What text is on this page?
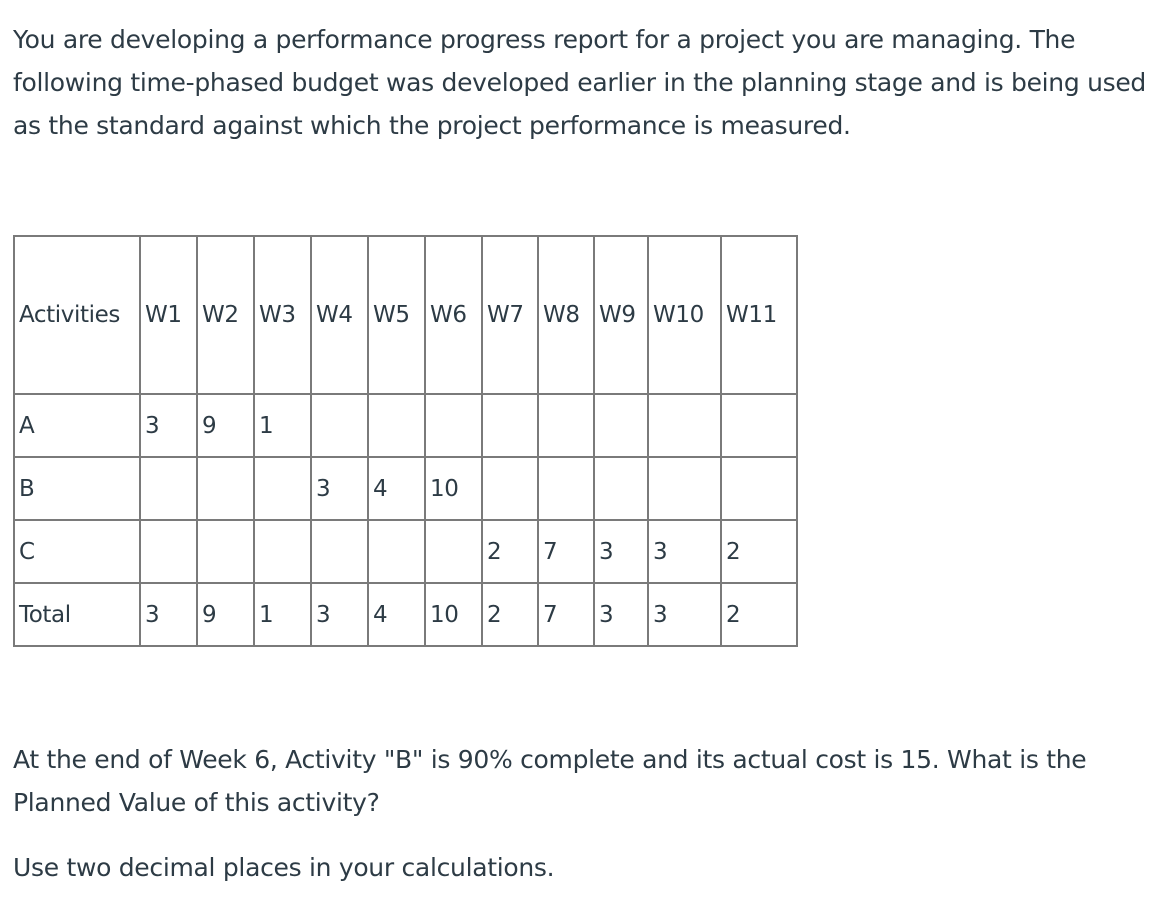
You are developing a performance progress report for a project you are managing. The
following time-phased budget was developed earlier in the planning stage and is being used
as the standard against which the project performance is measured.
Activities	W1	W2	W3	W4	W5	W6	W7	W8	W9	W10	W11
A	3	9	1								
B				3	4	10					
C							2	7	3	3	2
Total	3	9	1	3	4	10	2	7	3	3	2
At the end of Week 6, Activity "B" is 90% complete and its actual cost is 15. What is the
Planned Value of this activity?
Use two decimal places in your calculations.
